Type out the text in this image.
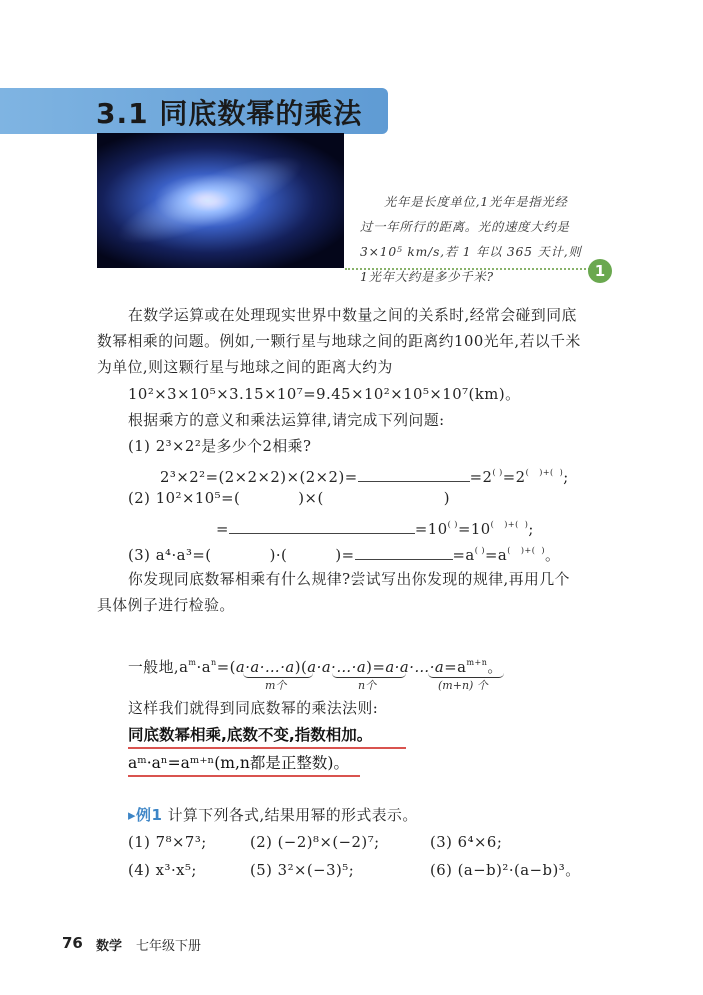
3.1 同底数幂的乘法
光年是长度单位,1光年是指光经
过一年所行的距离。光的速度大约是
3×10⁵ km/s,若 1 年以 365 天计,则
1光年大约是多少千米?	1
在数学运算或在处理现实世界中数量之间的关系时,经常会碰到同底
数幂相乘的问题。例如,一颗行星与地球之间的距离约100光年,若以千米
为单位,则这颗行星与地球之间的距离大约为
10²×3×10⁵×3.15×10⁷=9.45×10²×10⁵×10⁷(km)。
根据乘方的意义和乘法运算律,请完成下列问题:
(1) 2³×2²是多少个2相乘?
2³×2²=(2×2×2)×(2×2)=	=2( )=2( )+( );
(2) 10²×10⁵=(	)×(	)
=	=10( )=10( )+( );
(3) a⁴·a³=(	)·(	)=	=a( )=a( )+( )。
你发现同底数幂相乘有什么规律?尝试写出你发现的规律,再用几个
具体例子进行检验。
一般地$,a^m\cdot a^n=(a\cdot a\cdot\dots\cdot a)(a\cdot a\cdot\dots\cdot a)=a\cdot a\cdot\dots\cdot a=a^{m+n}$。
m个	n个	(m+n) 个
这样我们就得到同底数幂的乘法法则:
同底数幂相乘,底数不变,指数相加。
aᵐ·aⁿ=aᵐ⁺ⁿ(m,n都是正整数)。
▸例1 计算下列各式,结果用幂的形式表示。
(1) 7⁸×7³;	(2) (−2)⁸×(−2)⁷;	(3) 6⁴×6;
(4) x³·x⁵;	(5) 3²×(−3)⁵;	(6) (a−b)²·(a−b)³。
76 数学 七年级下册
